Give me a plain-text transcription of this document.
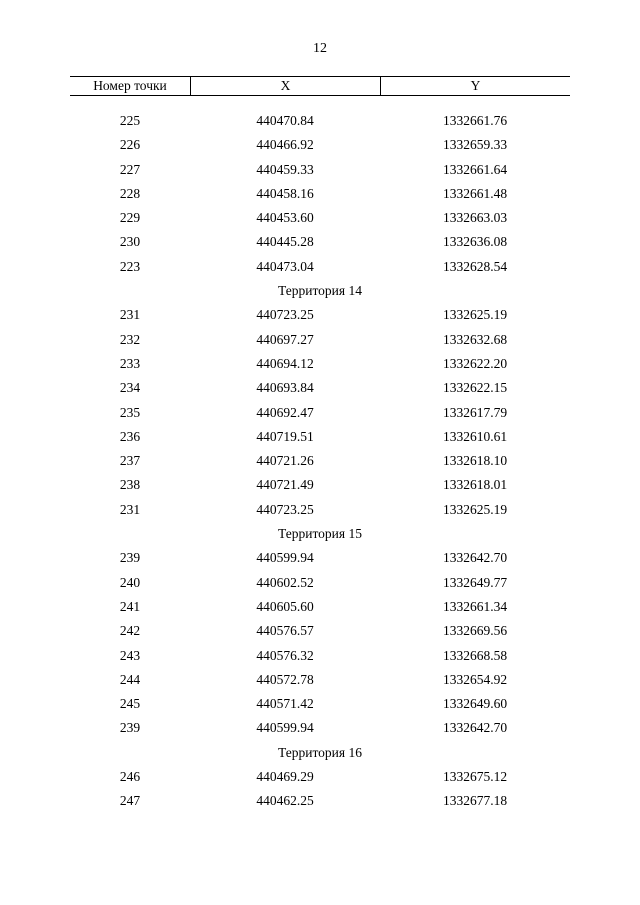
12
Номер точки	X	Y
225	440470.84	1332661.76
226	440466.92	1332659.33
227	440459.33	1332661.64
228	440458.16	1332661.48
229	440453.60	1332663.03
230	440445.28	1332636.08
223	440473.04	1332628.54
Территория 14
231	440723.25	1332625.19
232	440697.27	1332632.68
233	440694.12	1332622.20
234	440693.84	1332622.15
235	440692.47	1332617.79
236	440719.51	1332610.61
237	440721.26	1332618.10
238	440721.49	1332618.01
231	440723.25	1332625.19
Территория 15
239	440599.94	1332642.70
240	440602.52	1332649.77
241	440605.60	1332661.34
242	440576.57	1332669.56
243	440576.32	1332668.58
244	440572.78	1332654.92
245	440571.42	1332649.60
239	440599.94	1332642.70
Территория 16
246	440469.29	1332675.12
247	440462.25	1332677.18
